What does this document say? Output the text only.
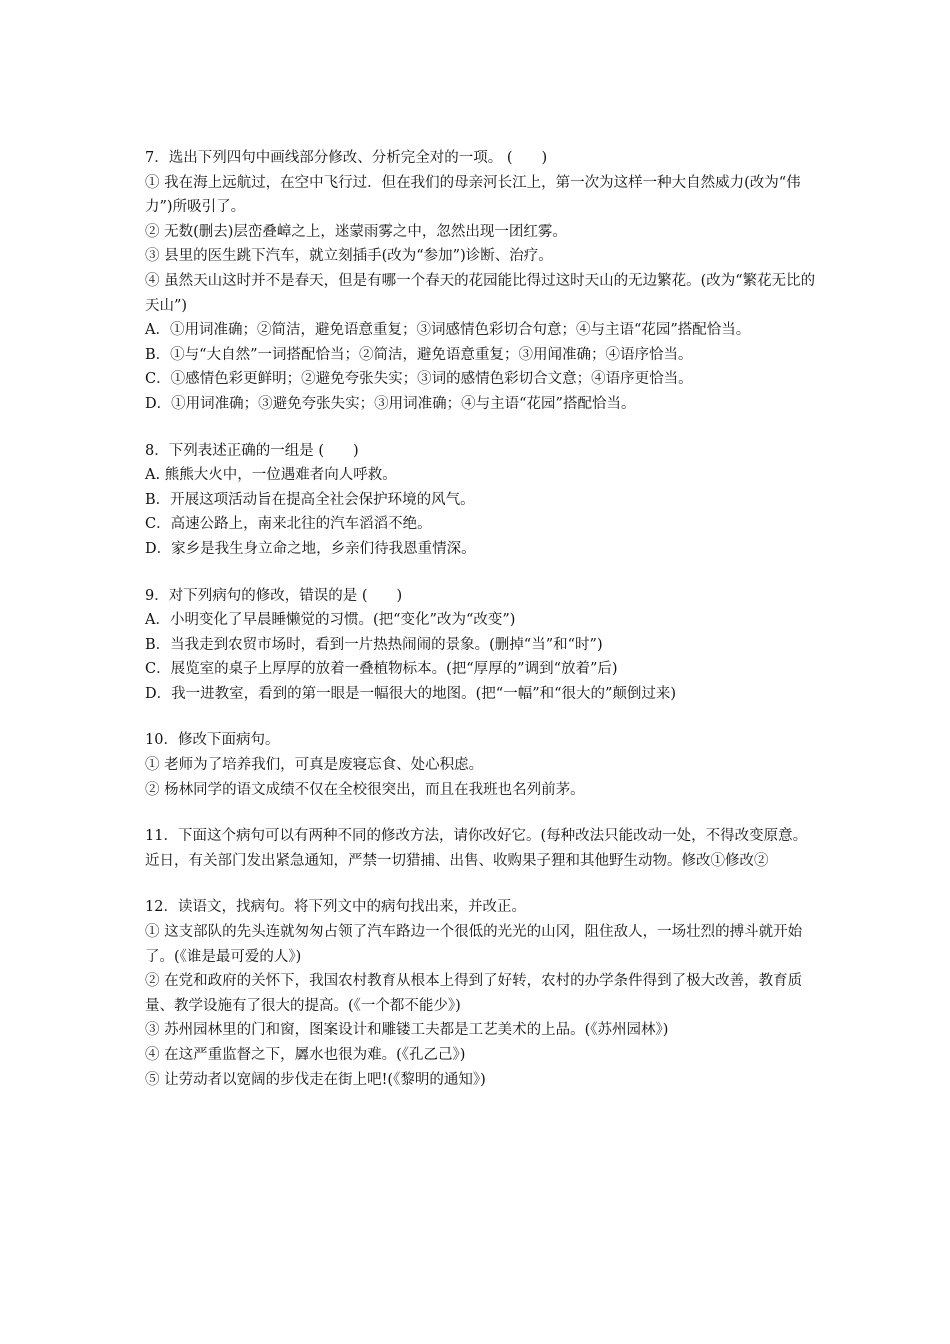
7．选出下列四句中画线部分修改、分析完全对的一项。 (　　)

① 我在海上远航过，在空中飞行过．但在我们的母亲河长江上，第一次为这样一种大自然威力(改为“伟力”)所吸引了。

② 无数(删去)层峦叠嶂之上，迷蒙雨雾之中，忽然出现一团红雾。

③ 县里的医生跳下汽车，就立刻插手(改为“参加”)诊断、治疗。

④ 虽然天山这时并不是春天，但是有哪一个春天的花园能比得过这时天山的无边繁花。(改为“繁花无比的天山”)

A．①用词准确；②简洁，避免语意重复；③词感情色彩切合句意；④与主语“花园”搭配恰当。

B．①与“大自然”一词搭配恰当；②简洁，避免语意重复；③用闻准确；④语序恰当。

C．①感情色彩更鲜明；②避免夸张失实；③词的感情色彩切合文意；④语序更恰当。

D．①用词准确；③避免夸张失实；③用词准确；④与主语“花园”搭配恰当。

8．下列表述正确的一组是 (　　)

A. 熊熊大火中，一位遇难者向人呼救。

B．开展这项活动旨在提高全社会保护环境的风气。

C．高速公路上，南来北往的汽车滔滔不绝。

D．家乡是我生身立命之地，乡亲们待我恩重情深。

9．对下列病句的修改，错误的是 (　　)

A．小明变化了早晨睡懒觉的习惯。(把“变化”改为“改变”)

B．当我走到农贸市场时，看到一片热热闹闹的景象。(删掉“当”和“时”)

C．展览室的桌子上厚厚的放着一叠植物标本。(把“厚厚的”调到“放着”后)

D．我一进教室，看到的第一眼是一幅很大的地图。(把“一幅”和“很大的”颠倒过来)

10．修改下面病句。

① 老师为了培养我们，可真是废寝忘食、处心积虑。

② 杨林同学的语文成绩不仅在全校很突出，而且在我班也名列前茅。

11．下面这个病句可以有两种不同的修改方法，请你改好它。(每种改法只能改动一处，不得改变原意。

近日，有关部门发出紧急通知，严禁一切猎捕、出售、收购果子狸和其他野生动物。修改①修改②

12．读语文，找病句。将下列文中的病句找出来，并改正。

① 这支部队的先头连就匆匆占领了汽车路边一个很低的光光的山冈，阻住敌人，一场壮烈的搏斗就开始了。(《谁是最可爱的人》)

② 在党和政府的关怀下，我国农村教育从根本上得到了好转，农村的办学条件得到了极大改善，教育质量、教学设施有了很大的提高。(《一个都不能少》)

③ 苏州园林里的门和窗，图案设计和雕镂工夫都是工艺美术的上品。(《苏州园林》)

④ 在这严重监督之下，羼水也很为难。(《孔乙己》)

⑤ 让劳动者以宽阔的步伐走在街上吧!(《黎明的通知》)
